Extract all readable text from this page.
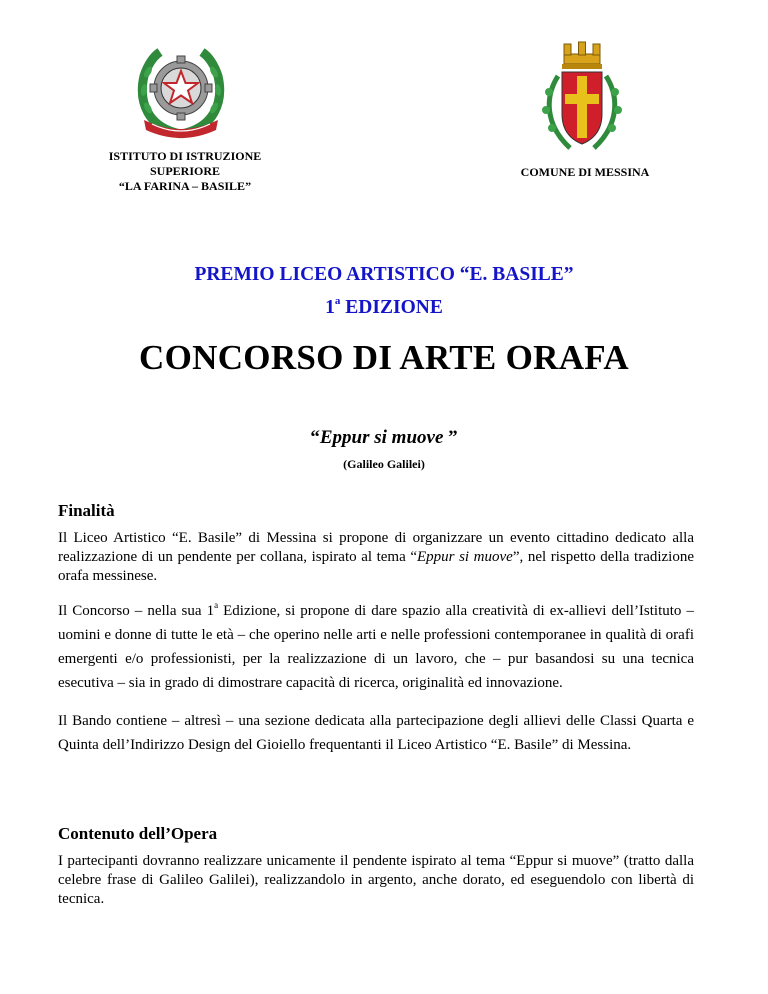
ISTITUTO DI ISTRUZIONE
SUPERIORE
“LA FARINA – BASILE”
COMUNE DI MESSINA
PREMIO LICEO ARTISTICO “E. BASILE”
1$^a$ EDIZIONE
CONCORSO DI ARTE ORAFA
“Eppur si muove ”
(Galileo Galilei)
Finalità

Il Liceo Artistico “E. Basile” di Messina si propone di organizzare un evento cittadino dedicato alla realizzazione di un pendente per collana, ispirato al tema “Eppur si muove”, nel rispetto della tradizione orafa messinese.

Il Concorso – nella sua 1$^a$ Edizione, si propone di dare spazio alla creatività di ex-allievi dell’Istituto – uomini e donne di tutte le età – che operino nelle arti e nelle professioni contemporanee in qualità di orafi emergenti e/o professionisti, per la realizzazione di un lavoro, che – pur basandosi su una tecnica esecutiva – sia in grado di dimostrare capacità di ricerca, originalità ed innovazione.

Il Bando contiene – altresì – una sezione dedicata alla partecipazione degli allievi delle Classi Quarta e Quinta dell’Indirizzo Design del Gioiello frequentanti il Liceo Artistico “E. Basile” di Messina.

Contenuto dell’Opera

I partecipanti dovranno realizzare unicamente il pendente ispirato al tema “Eppur si muove” (tratto dalla celebre frase di Galileo Galilei), realizzandolo in argento, anche dorato, ed eseguendolo con libertà di tecnica.
